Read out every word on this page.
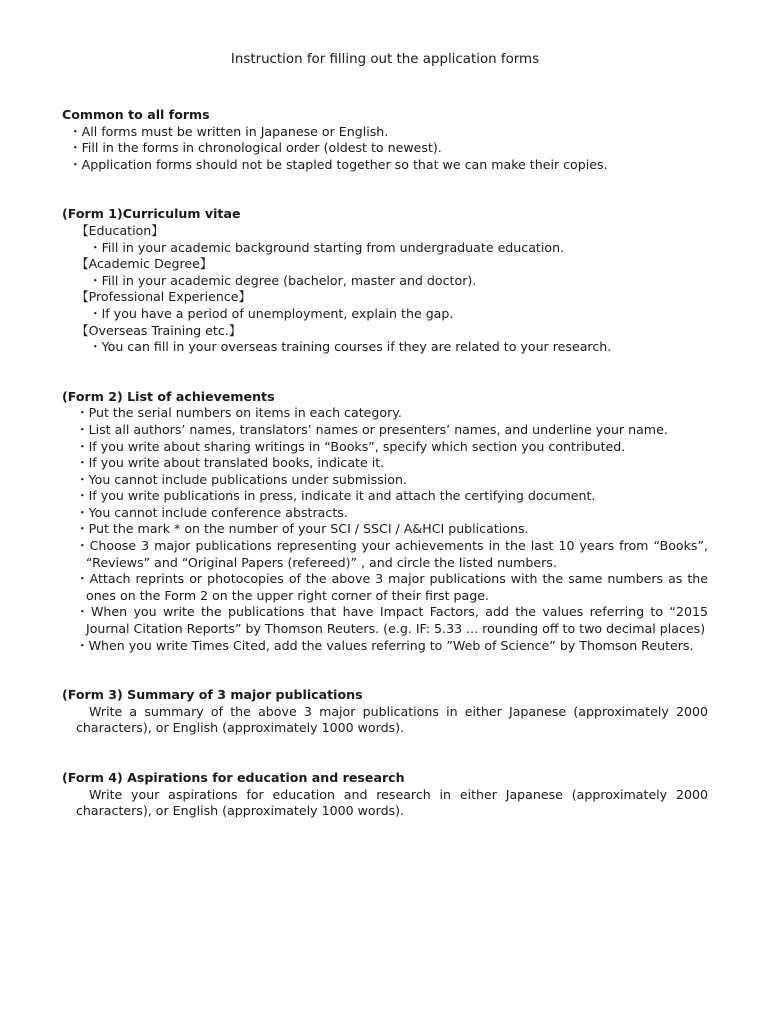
Instruction for filling out the application forms
Common to all forms
・All forms must be written in Japanese or English.
・Fill in the forms in chronological order (oldest to newest).
・Application forms should not be stapled together so that we can make their copies.
(Form 1)Curriculum vitae
【Education】
・Fill in your academic background starting from undergraduate education.
【Academic Degree】
・Fill in your academic degree (bachelor, master and doctor).
【Professional Experience】
・If you have a period of unemployment, explain the gap.
【Overseas Training etc.】
・You can fill in your overseas training courses if they are related to your research.
(Form 2) List of achievements
・Put the serial numbers on items in each category.
・List all authors’ names, translators’ names or presenters’ names, and underline your name.
・If you write about sharing writings in “Books”, specify which section you contributed.
・If you write about translated books, indicate it.
・You cannot include publications under submission.
・If you write publications in press, indicate it and attach the certifying document.
・You cannot include conference abstracts.
・Put the mark * on the number of your SCI / SSCI / A&HCI publications.
・Choose 3 major publications representing your achievements in the last 10 years from “Books”, “Reviews” and “Original Papers (refereed)” , and circle the listed numbers.
・Attach reprints or photocopies of the above 3 major publications with the same numbers as the ones on the Form 2 on the upper right corner of their first page.
・When you write the publications that have Impact Factors, add the values referring to “2015 Journal Citation Reports” by Thomson Reuters. (e.g. IF: 5.33 ... rounding off to two decimal places)
・When you write Times Cited, add the values referring to ”Web of Science” by Thomson Reuters.
(Form 3) Summary of 3 major publications
Write a summary of the above 3 major publications in either Japanese (approximately 2000 characters), or English (approximately 1000 words).
(Form 4) Aspirations for education and research
Write your aspirations for education and research in either Japanese (approximately 2000 characters), or English (approximately 1000 words).
